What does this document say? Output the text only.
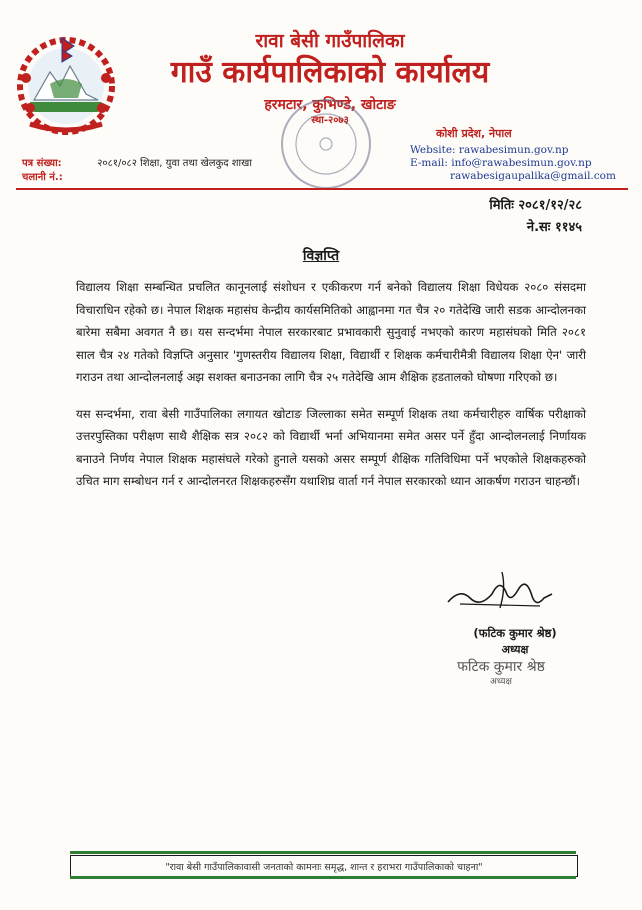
रावा बेसी गाउँपालिका
गाउँ कार्यपालिकाको कार्यालय
हरमटार, कुभिण्डे, खोटाङ
स्था-२०७३
कोशी प्रदेश, नेपाल
Website: rawabesimun.gov.np
E-mail: info@rawabesimun.gov.np
rawabesigaupalika@gmail.com
पत्र संख्या:	२०८१/०८२ शिक्षा, युवा तथा खेलकुद शाखा
चलानी नं.:
मितिः २०८१/१२/२८
ने.सः ११४५
विज्ञप्ति

विद्यालय शिक्षा सम्बन्धित प्रचलित कानूनलाई संशोधन र एकीकरण गर्न बनेको विद्यालय शिक्षा विधेयक २०८० संसदमा विचाराधिन रहेको छ। नेपाल शिक्षक महासंघ केन्द्रीय कार्यसमितिको आह्वानमा गत चैत्र २० गतेदेखि जारी सडक आन्दोलनका बारेमा सबैमा अवगत नै छ। यस सन्दर्भमा नेपाल सरकारबाट प्रभावकारी सुनुवाई नभएको कारण महासंघको मिति २०८१ साल चैत्र २४ गतेको विज्ञप्ति अनुसार 'गुणस्तरीय विद्यालय शिक्षा, विद्यार्थी र शिक्षक कर्मचारीमैत्री विद्यालय शिक्षा ऐन' जारी गराउन तथा आन्दोलनलाई अझ सशक्त बनाउनका लागि चैत्र २५ गतेदेखि आम शैक्षिक हडतालको घोषणा गरिएको छ।

यस सन्दर्भमा, रावा बेसी गाउँपालिका लगायत खोटाङ जिल्लाका समेत सम्पूर्ण शिक्षक तथा कर्मचारीहरु वार्षिक परीक्षाको उत्तरपुस्तिका परीक्षण साथै शैक्षिक सत्र २०८२ को विद्यार्थी भर्ना अभियानमा समेत असर पर्ने हुँदा आन्दोलनलाई निर्णायक बनाउने निर्णय नेपाल शिक्षक महासंघले गरेको हुनाले यसको असर सम्पूर्ण शैक्षिक गतिविधिमा पर्ने भएकोले शिक्षकहरुको उचित माग सम्बोधन गर्न र आन्दोलनरत शिक्षकहरुसँग यथाशिघ्र वार्ता गर्न नेपाल सरकारको ध्यान आकर्षण गराउन चाहन्छौं।

(फटिक कुमार श्रेष्ठ)
अध्यक्ष
फटिक कुमार श्रेष्ठ
अध्यक्ष
"रावा बेसी गाउँपालिकावासी जनताको कामनाः समृद्ध, शान्त र हराभरा गाउँपालिकाको चाहना"
